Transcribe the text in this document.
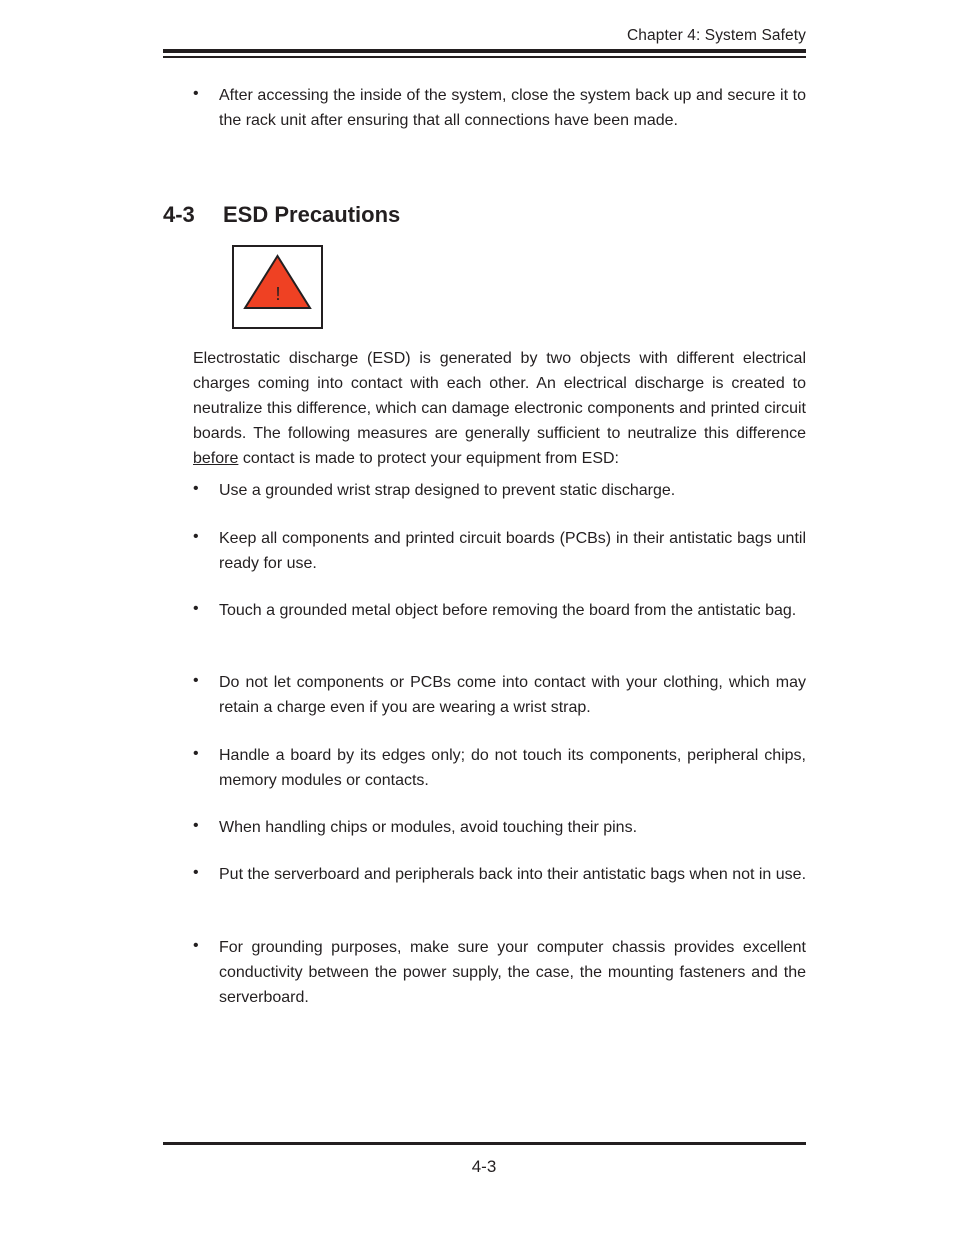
Chapter 4: System Safety
• After accessing the inside of the system, close the system back up and secure it to the rack unit after ensuring that all connections have been made.
4-3 ESD Precautions
!
Electrostatic discharge (ESD) is generated by two objects with different electrical charges coming into contact with each other. An electrical discharge is created to neutralize this difference, which can damage electronic components and printed circuit boards. The following measures are generally sufficient to neutralize this difference before contact is made to protect your equipment from ESD:
• Use a grounded wrist strap designed to prevent static discharge.
• Keep all components and printed circuit boards (PCBs) in their antistatic bags until ready for use.
• Touch a grounded metal object before removing the board from the antistatic bag.
• Do not let components or PCBs come into contact with your clothing, which may retain a charge even if you are wearing a wrist strap.
• Handle a board by its edges only; do not touch its components, peripheral chips, memory modules or contacts.
• When handling chips or modules, avoid touching their pins.
• Put the serverboard and peripherals back into their antistatic bags when not in use.
• For grounding purposes, make sure your computer chassis provides excellent conductivity between the power supply, the case, the mounting fasteners and the serverboard.
4-3
